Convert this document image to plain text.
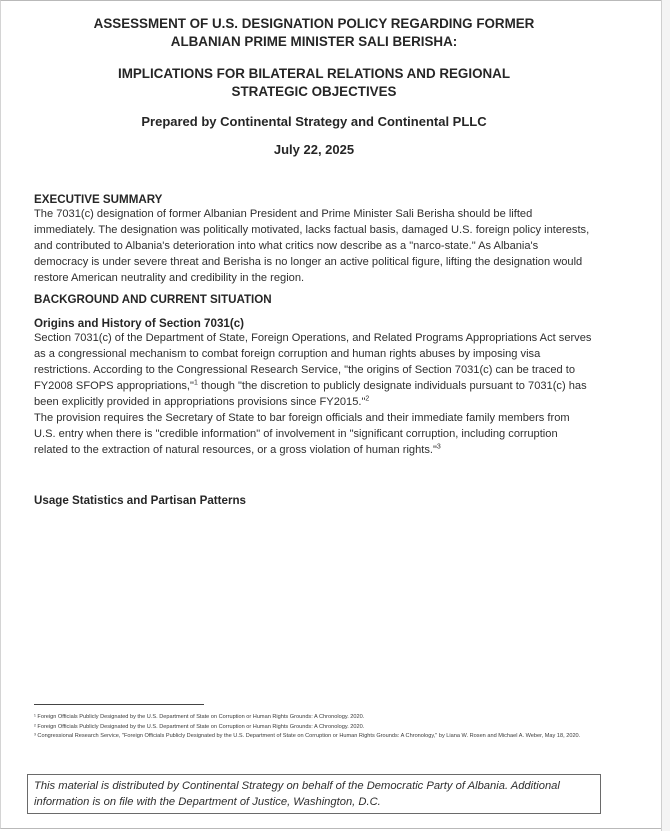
ASSESSMENT OF U.S. DESIGNATION POLICY REGARDING FORMER
ALBANIAN PRIME MINISTER SALI BERISHA:

IMPLICATIONS FOR BILATERAL RELATIONS AND REGIONAL
STRATEGIC OBJECTIVES

Prepared by Continental Strategy and Continental PLLC

July 22, 2025

EXECUTIVE SUMMARY

The 7031(c) designation of former Albanian President and Prime Minister Sali Berisha should be lifted immediately. The designation was politically motivated, lacks factual basis, damaged U.S. foreign policy interests, and contributed to Albania's deterioration into what critics now describe as a "narco-state." As Albania's democracy is under severe threat and Berisha is no longer an active political figure, lifting the designation would restore American neutrality and credibility in the region.

BACKGROUND AND CURRENT SITUATION
Origins and History of Section 7031(c)

Section 7031(c) of the Department of State, Foreign Operations, and Related Programs Appropriations Act serves as a congressional mechanism to combat foreign corruption and human rights abuses by imposing visa restrictions. According to the Congressional Research Service, "the origins of Section 7031(c) can be traced to FY2008 SFOPS appropriations,"$^1$ though "the discretion to publicly designate individuals pursuant to 7031(c) has been explicitly provided in appropriations provisions since FY2015."$^2$

The provision requires the Secretary of State to bar foreign officials and their immediate family members from U.S. entry when there is "credible information" of involvement in "significant corruption, including corruption related to the extraction of natural resources, or a gross violation of human rights."$^3$

Usage Statistics and Partisan Patterns

¹ Foreign Officials Publicly Designated by the U.S. Department of State on Corruption or Human Rights Grounds: A Chronology. 2020.

² Foreign Officials Publicly Designated by the U.S. Department of State on Corruption or Human Rights Grounds: A Chronology. 2020.

³ Congressional Research Service, "Foreign Officials Publicly Designated by the U.S. Department of State on Corruption or Human Rights Grounds: A Chronology," by Liana W. Rosen and Michael A. Weber, May 18, 2020.

This material is distributed by Continental Strategy on behalf of the Democratic Party of Albania. Additional information is on file with the Department of Justice, Washington, D.C.
